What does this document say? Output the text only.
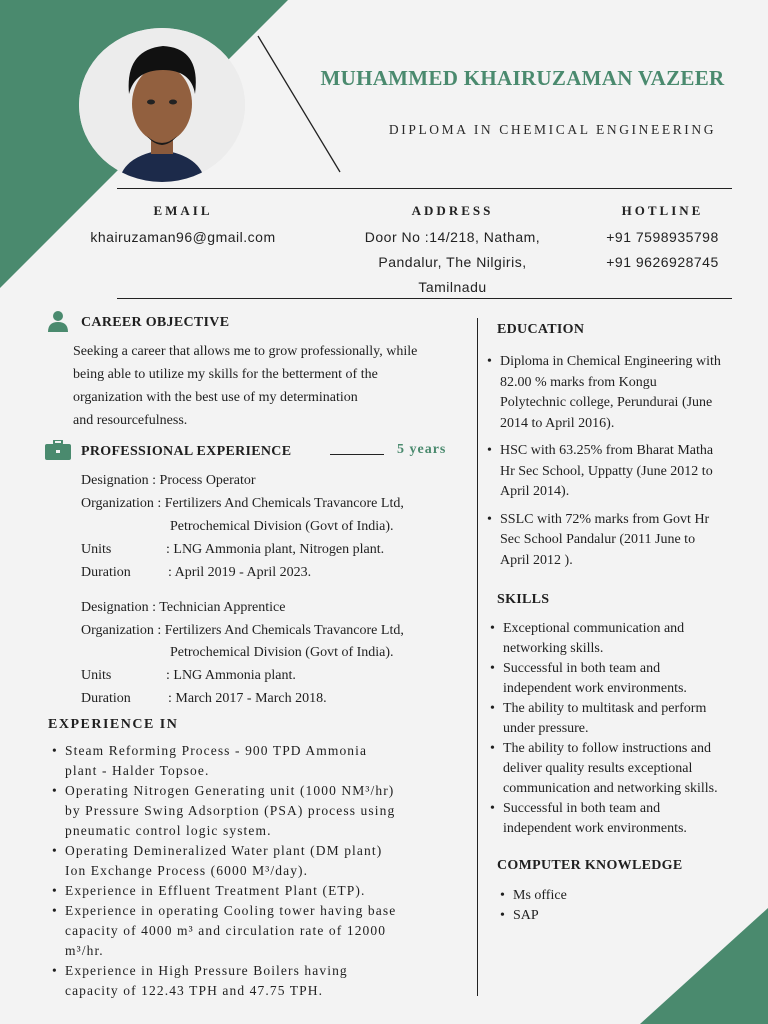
MUHAMMED KHAIRUZAMAN VAZEER
DIPLOMA IN CHEMICAL ENGINEERING
EMAIL
khairuzaman96@gmail.com
ADDRESS
Door No :14/218, Natham,
Pandalur, The Nilgiris,
Tamilnadu
HOTLINE
+91 7598935798
+91 9626928745
CAREER OBJECTIVE
Seeking a career that allows me to grow professionally, while
being able to utilize my skills for the betterment of the
organization with the best use of my determination
and resourcefulness.
PROFESSIONAL EXPERIENCE	5 years
Designation : Process Operator
Organization : Fertilizers And Chemicals Travancore Ltd,
Petrochemical Division (Govt of India).
Units	: LNG Ammonia plant, Nitrogen plant.
Duration	: April 2019 - April 2023.
Designation : Technician Apprentice
Organization : Fertilizers And Chemicals Travancore Ltd,
Petrochemical Division (Govt of India).
Units	: LNG Ammonia plant.
Duration	: March 2017 - March 2018.
EXPERIENCE IN
• Steam Reforming Process - 900 TPD Ammonia
plant - Halder Topsoe.
• Operating Nitrogen Generating unit (1000 NM³/hr)
by Pressure Swing Adsorption (PSA) process using
pneumatic control logic system.
• Operating Demineralized Water plant (DM plant)
Ion Exchange Process (6000 M³/day).
• Experience in Effluent Treatment Plant (ETP).
• Experience in operating Cooling tower having base
capacity of 4000 m³ and circulation rate of 12000
m³/hr.
• Experience in High Pressure Boilers having
capacity of 122.43 TPH and 47.75 TPH.
EDUCATION
• Diploma in Chemical Engineering with
82.00 % marks from Kongu
Polytechnic college, Perundurai (June
2014 to April 2016).
• HSC with 63.25% from Bharat Matha
Hr Sec School, Uppatty (June 2012 to
April 2014).
• SSLC with 72% marks from Govt Hr
Sec School Pandalur (2011 June to
April 2012 ).
SKILLS
• Exceptional communication and
networking skills.
• Successful in both team and
independent work environments.
• The ability to multitask and perform
under pressure.
• The ability to follow instructions and
deliver quality results exceptional
communication and networking skills.
• Successful in both team and
independent work environments.
COMPUTER KNOWLEDGE
• Ms office
• SAP
